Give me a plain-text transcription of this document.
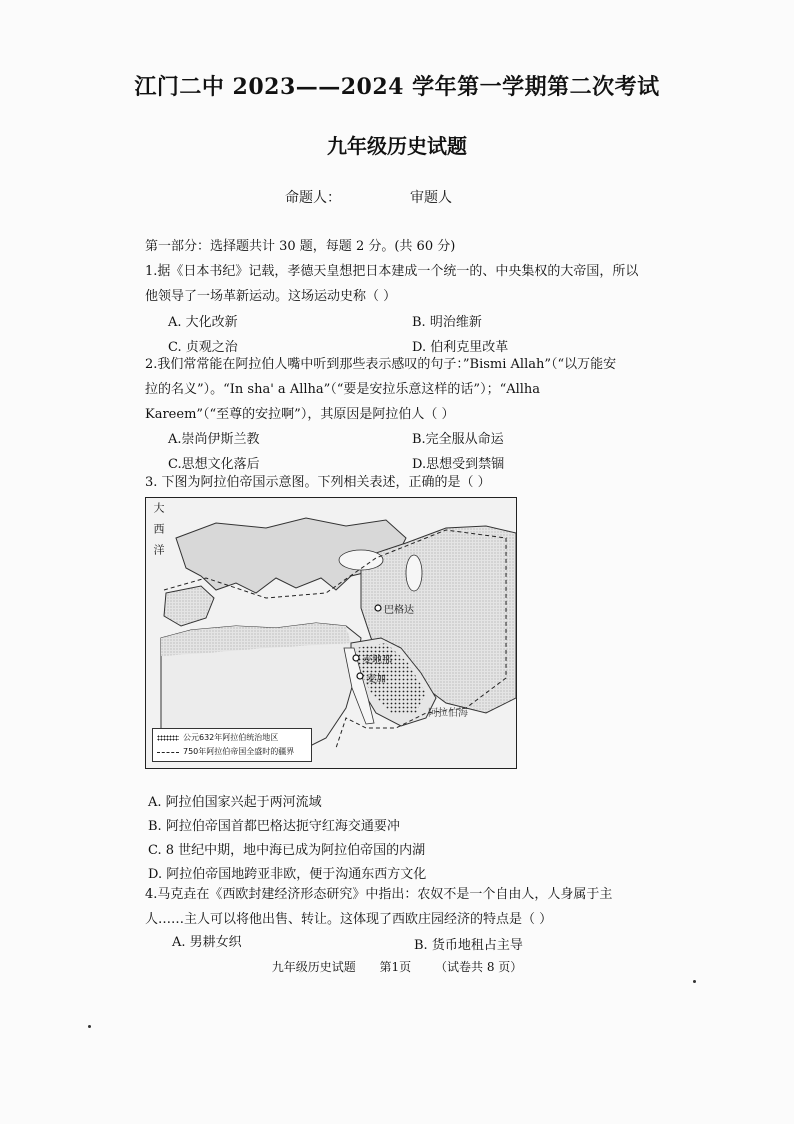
江门二中 2023——2024 学年第一学期第二次考试
九年级历史试题
命题人：	审题人
第一部分：选择题共计 30 题，每题 2 分。(共 60 分)
1.据《日本书纪》记载，孝德天皇想把日本建成一个统一的、中央集权的大帝国，所以
他领导了一场革新运动。这场运动史称（ ）
A. 大化改新	B. 明治维新
C. 贞观之治	D. 伯利克里改革
2.我们常常能在阿拉伯人嘴中听到那些表示感叹的句子：”Bismi Allah”（“以万能安
拉的名义”）。“In sha' a Allha”（“要是安拉乐意这样的话”）；“Allha
Kareem”（“至尊的安拉啊”），其原因是阿拉伯人（ ）
A.崇尚伊斯兰教	B.完全服从命运
C.思想文化落后	D.思想受到禁锢
3. 下图为阿拉伯帝国示意图。下列相关表述，正确的是（ ）
大西洋
巴格达
麦地那
麦加
阿拉伯海
公元632年阿拉伯统治地区
750年阿拉伯帝国全盛时的疆界
A. 阿拉伯国家兴起于两河流域
B. 阿拉伯帝国首都巴格达扼守红海交通要冲
C. 8 世纪中期，地中海已成为阿拉伯帝国的内湖
D. 阿拉伯帝国地跨亚非欧，便于沟通东西方文化
4.马克垚在《西欧封建经济形态研究》中指出：农奴不是一个自由人，人身属于主
人……主人可以将他出售、转让。这体现了西欧庄园经济的特点是（ ）
A. 男耕女织	B. 货币地租占主导
九年级历史试题 第1页 （试卷共 8 页）
